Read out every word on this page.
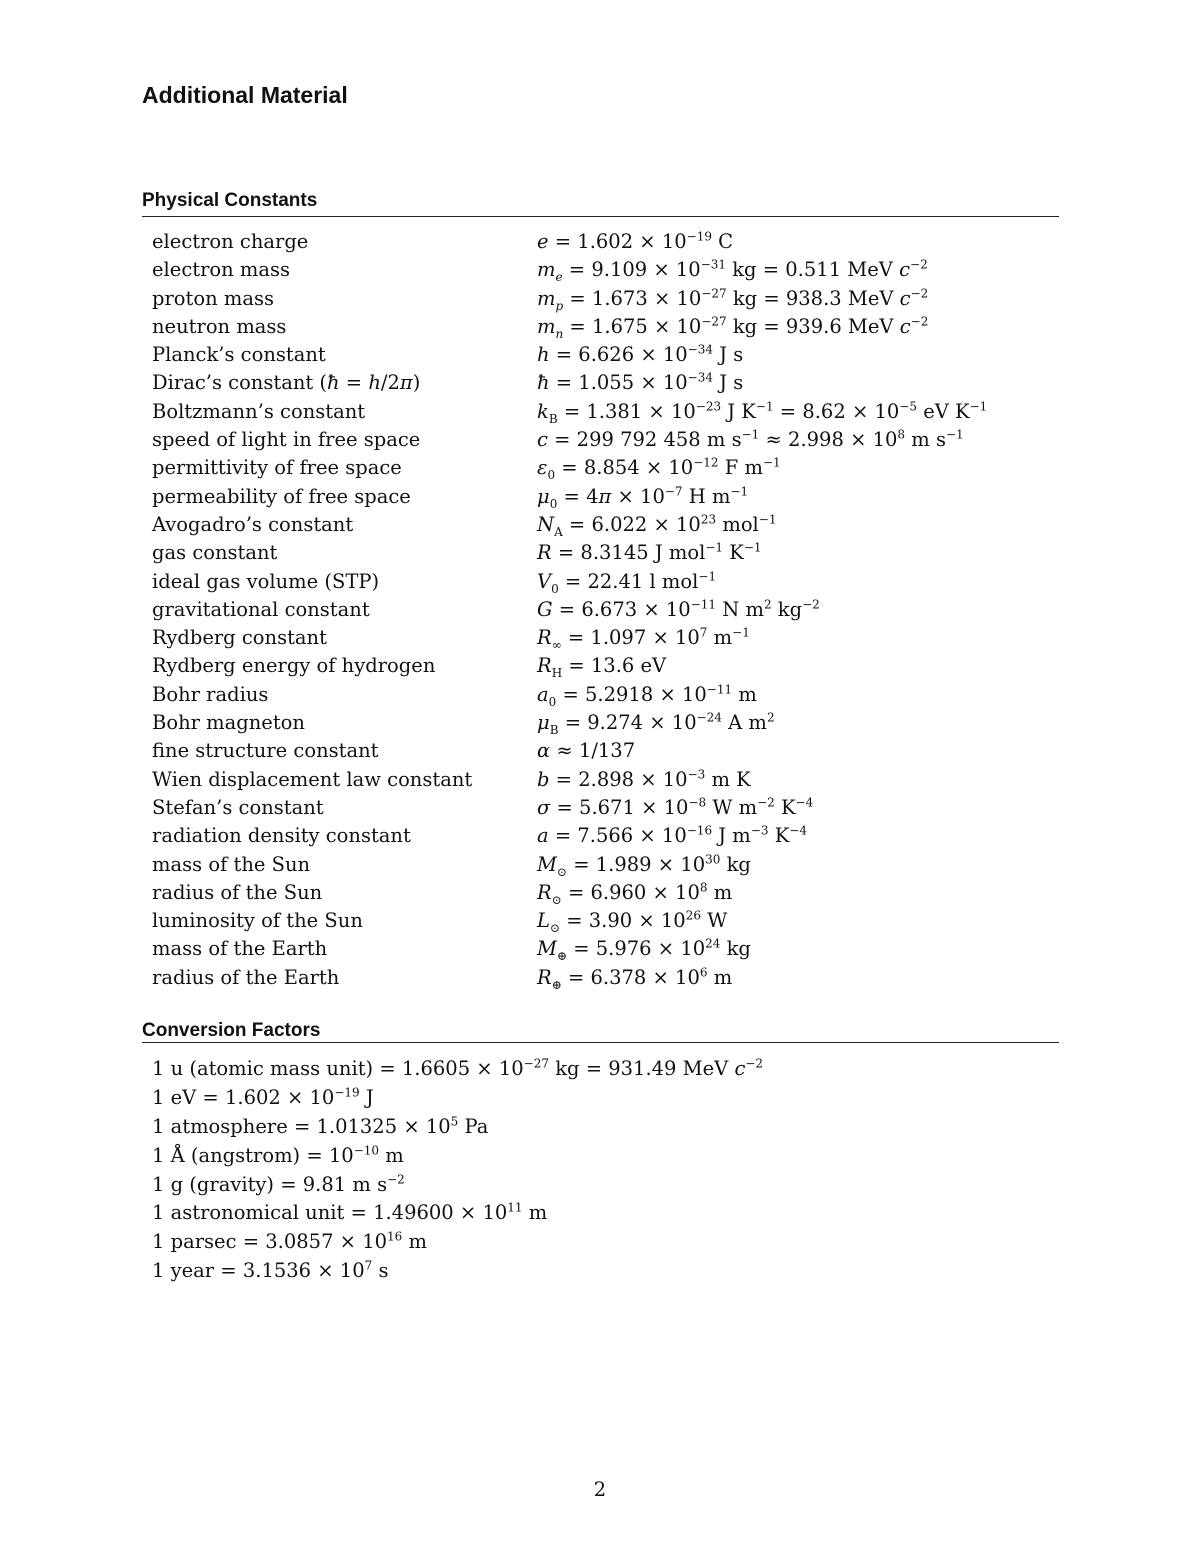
Additional Material
Physical Constants
electron charge	$e = 1.602 \times 10^{-19}$ C
electron mass	$m_e = 9.109 \times 10^{-31}$ kg = 0.511 MeV $c^{-2}$
proton mass	$m_p = 1.673 \times 10^{-27}$ kg = 938.3 MeV $c^{-2}$
neutron mass	$m_n = 1.675 \times 10^{-27}$ kg = 939.6 MeV $c^{-2}$
Planck’s constant	$h = 6.626 \times 10^{-34}$ J s
Dirac’s constant (ħ = h/2π)	ħ = $1.055 \times 10^{-34}$ J s
Boltzmann’s constant	$k_B = 1.381 \times 10^{-23}$ J $K^{-1} = 8.62 \times 10^{-5}$ eV $K^{-1}$
speed of light in free space	c = 299 792 458 m $s^{-1} \approx 2.998 \times 10^8$ m $s^{-1}$
permittivity of free space	$\varepsilon_0 = 8.854 \times 10^{-12}$ F $m^{-1}$
permeability of free space	$\mu_0 = 4\pi \times 10^{-7}$ H $m^{-1}$
Avogadro’s constant	$N_A = 6.022 \times 10^{23}$ mol$^{-1}$
gas constant	R = 8.3145 J mol$^{-1}$ $K^{-1}$
ideal gas volume (STP)	$V_0 = 22.41$ l mol$^{-1}$
gravitational constant	$G = 6.673 \times 10^{-11}$ N $m^2$ $kg^{-2}$
Rydberg constant	$R_\infty = 1.097 \times 10^7$ $m^{-1}$
Rydberg energy of hydrogen	$R_H = 13.6$ eV
Bohr radius	$a_0 = 5.2918 \times 10^{-11}$ m
Bohr magneton	$\mu_B = 9.274 \times 10^{-24}$ A $m^2$
fine structure constant	α ≈ 1/137
Wien displacement law constant	$b = 2.898 \times 10^{-3}$ m K
Stefan’s constant	$\sigma = 5.671 \times 10^{-8}$ W $m^{-2}$ $K^{-4}$
radiation density constant	$a = 7.566 \times 10^{-16}$ J $m^{-3}$ $K^{-4}$
mass of the Sun	$M_⊙ = 1.989 \times 10^{30}$ kg
radius of the Sun	$R_⊙ = 6.960 \times 10^8$ m
luminosity of the Sun	$L_⊙ = 3.90 \times 10^{26}$ W
mass of the Earth	$M_\oplus = 5.976 \times 10^{24}$ kg
radius of the Earth	$R_\oplus = 6.378 \times 10^6$ m
Conversion Factors
1 u (atomic mass unit) = $1.6605 \times 10^{-27}$ kg = 931.49 MeV $c^{-2}$
1 eV = $1.602 \times 10^{-19}$ J
1 atmosphere = $1.01325 \times 10^5$ Pa
1 Å (angstrom) = $10^{-10}$ m
1 g (gravity) = 9.81 m $s^{-2}$
1 astronomical unit = $1.49600 \times 10^{11}$ m
1 $parsec = 3.0857 \times 10^{16}$ m
1 year = $3.1536 \times 10^7$ s
2
